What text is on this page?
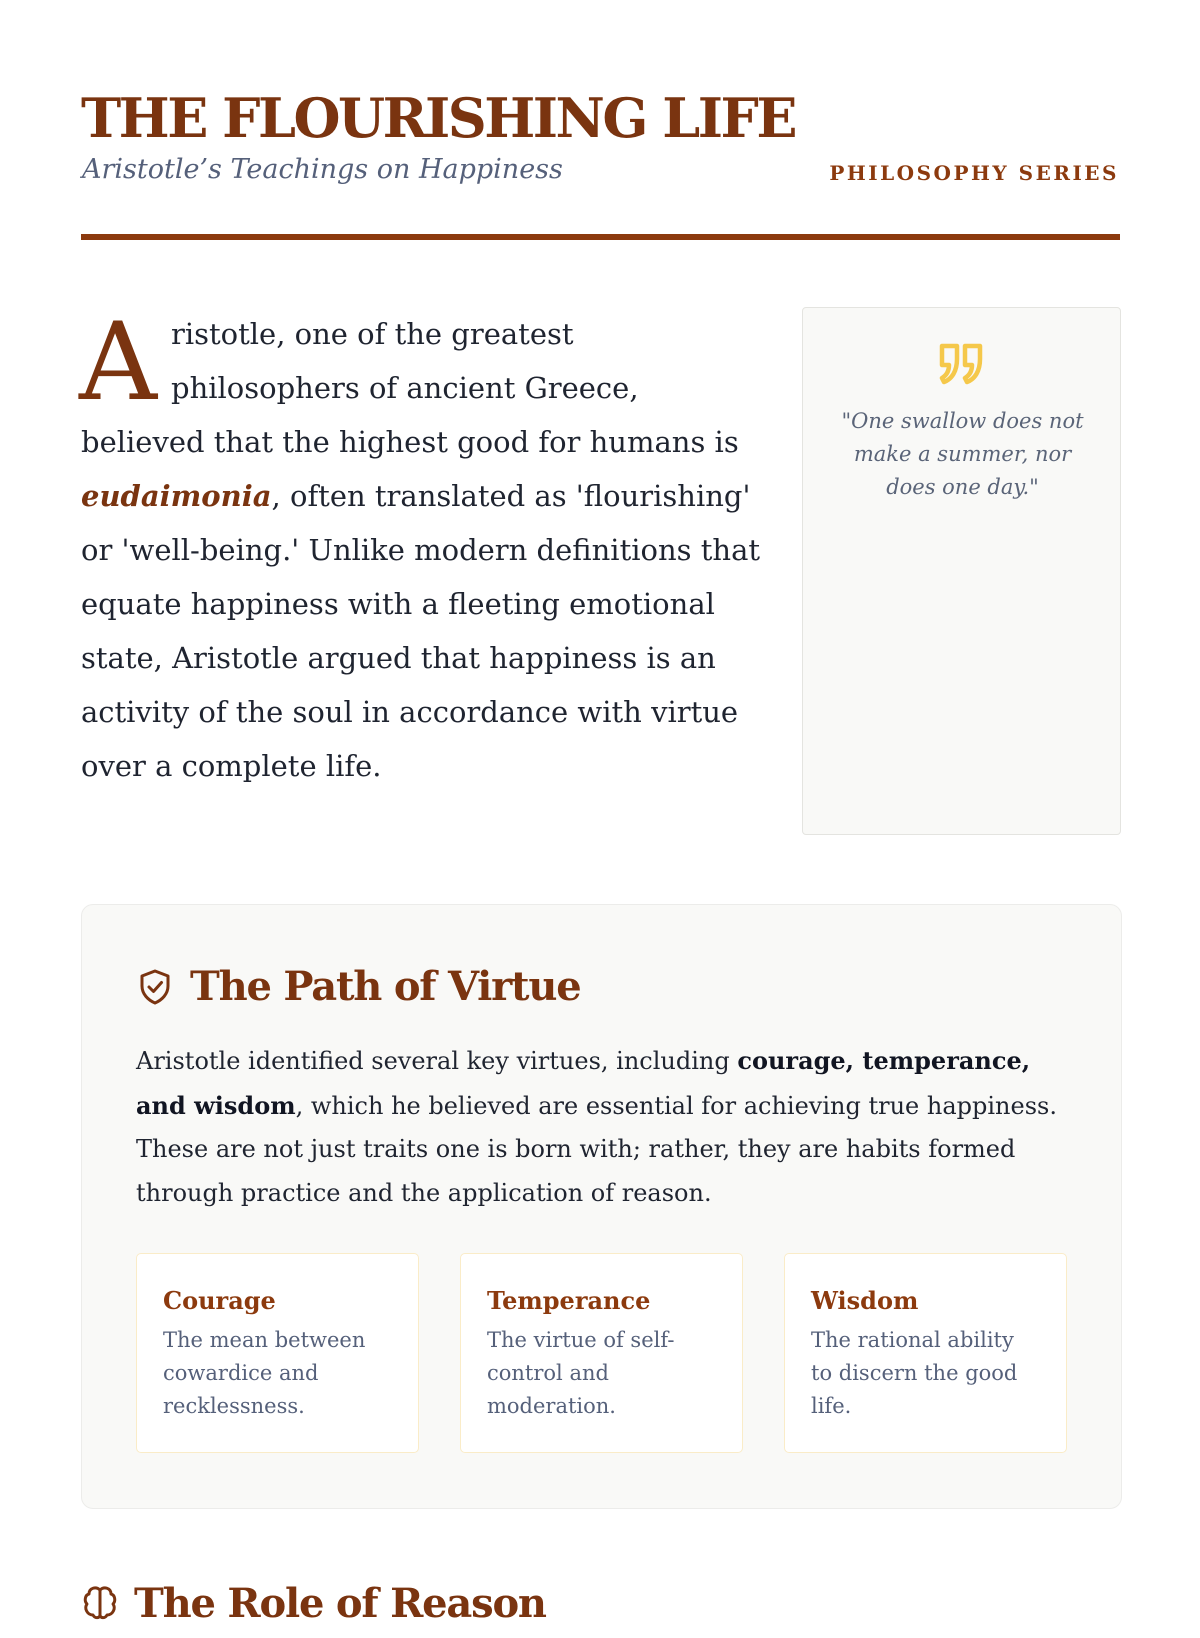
THE FLOURISHING LIFE
Aristotle’s Teachings on Happiness	PHILOSOPHY SERIES
Aristotle, one of the greatest philosophers of ancient Greece, believed that the highest good for humans is eudaimonia, often translated as 'flourishing' or 'well-being.' Unlike modern definitions that equate happiness with a fleeting emotional state, Aristotle argued that happiness is an activity of the soul in accordance with virtue over a complete life.
"One swallow does not make a summer, nor does one day."
The Path of Virtue

Aristotle identified several key virtues, including courage, temperance, and wisdom, which he believed are essential for achieving true happiness. These are not just traits one is born with; rather, they are habits formed through practice and the application of reason.

Courage
The mean between cowardice and recklessness.
Temperance
The virtue of self-control and moderation.
Wisdom
The rational ability to discern the good life.
The Role of Reason
